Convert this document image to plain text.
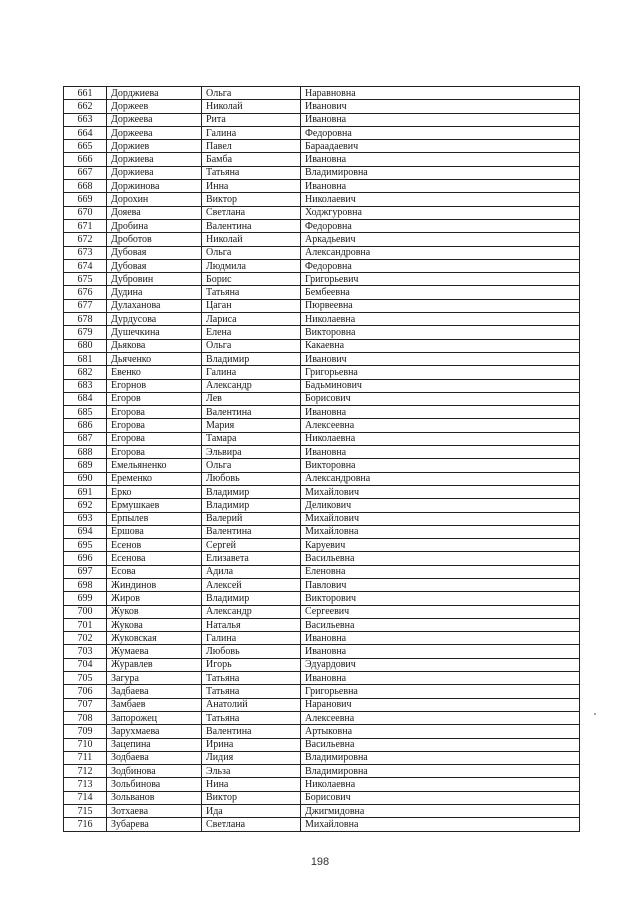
661	Дорджиева	Ольга	Наравновна
662	Доржеев	Николай	Иванович
663	Доржеева	Рита	Ивановна
664	Доржеева	Галина	Федоровна
665	Доржиев	Павел	Бараадаевич
666	Доржиева	Бамба	Ивановна
667	Доржиева	Татьяна	Владимировна
668	Доржинова	Инна	Ивановна
669	Дорохин	Виктор	Николаевич
670	Дояева	Светлана	Ходжгуровна
671	Дробина	Валентина	Федоровна
672	Дроботов	Николай	Аркадьевич
673	Дубовая	Ольга	Александровна
674	Дубовая	Людмила	Федоровна
675	Дубровин	Борис	Григорьевич
676	Дудина	Татьяна	Бембеевна
677	Дулаханова	Цаган	Пюрвеевна
678	Дурдусова	Лариса	Николаевна
679	Душечкина	Елена	Викторовна
680	Дьякова	Ольга	Какаевна
681	Дьяченко	Владимир	Иванович
682	Евенко	Галина	Григорьевна
683	Егорнов	Александр	Бадьминович
684	Егоров	Лев	Борисович
685	Егорова	Валентина	Ивановна
686	Егорова	Мария	Алексеевна
687	Егорова	Тамара	Николаевна
688	Егорова	Эльвира	Ивановна
689	Емельяненко	Ольга	Викторовна
690	Еременко	Любовь	Александровна
691	Ерко	Владимир	Михайлович
692	Ермушкаев	Владимир	Деликович
693	Ерпылев	Валерий	Михайлович
694	Ершова	Валентина	Михайловна
695	Есенов	Сергей	Каруевич
696	Есенова	Елизавета	Васильевна
697	Есова	Адила	Еленовна
698	Жиндинов	Алексей	Павлович
699	Жиров	Владимир	Викторович
700	Жуков	Александр	Сергеевич
701	Жукова	Наталья	Васильевна
702	Жуковская	Галина	Ивановна
703	Жумаева	Любовь	Ивановна
704	Журавлев	Игорь	Эдуардович
705	Загура	Татьяна	Ивановна
706	Задбаева	Татьяна	Григорьевна
707	Замбаев	Анатолий	Наранович
708	Запорожец	Татьяна	Алексеевна
709	Зарухмаева	Валентина	Артыковна
710	Зацепина	Ирина	Васильевна
711	Зодбаева	Лидия	Владимировна
712	Зодбинова	Эльза	Владимировна
713	Зольбинова	Нина	Николаевна
714	Зольванов	Виктор	Борисович
715	Зотхаева	Ида	Джигмидовна
716	Зубарева	Светлана	Михайловна
198
